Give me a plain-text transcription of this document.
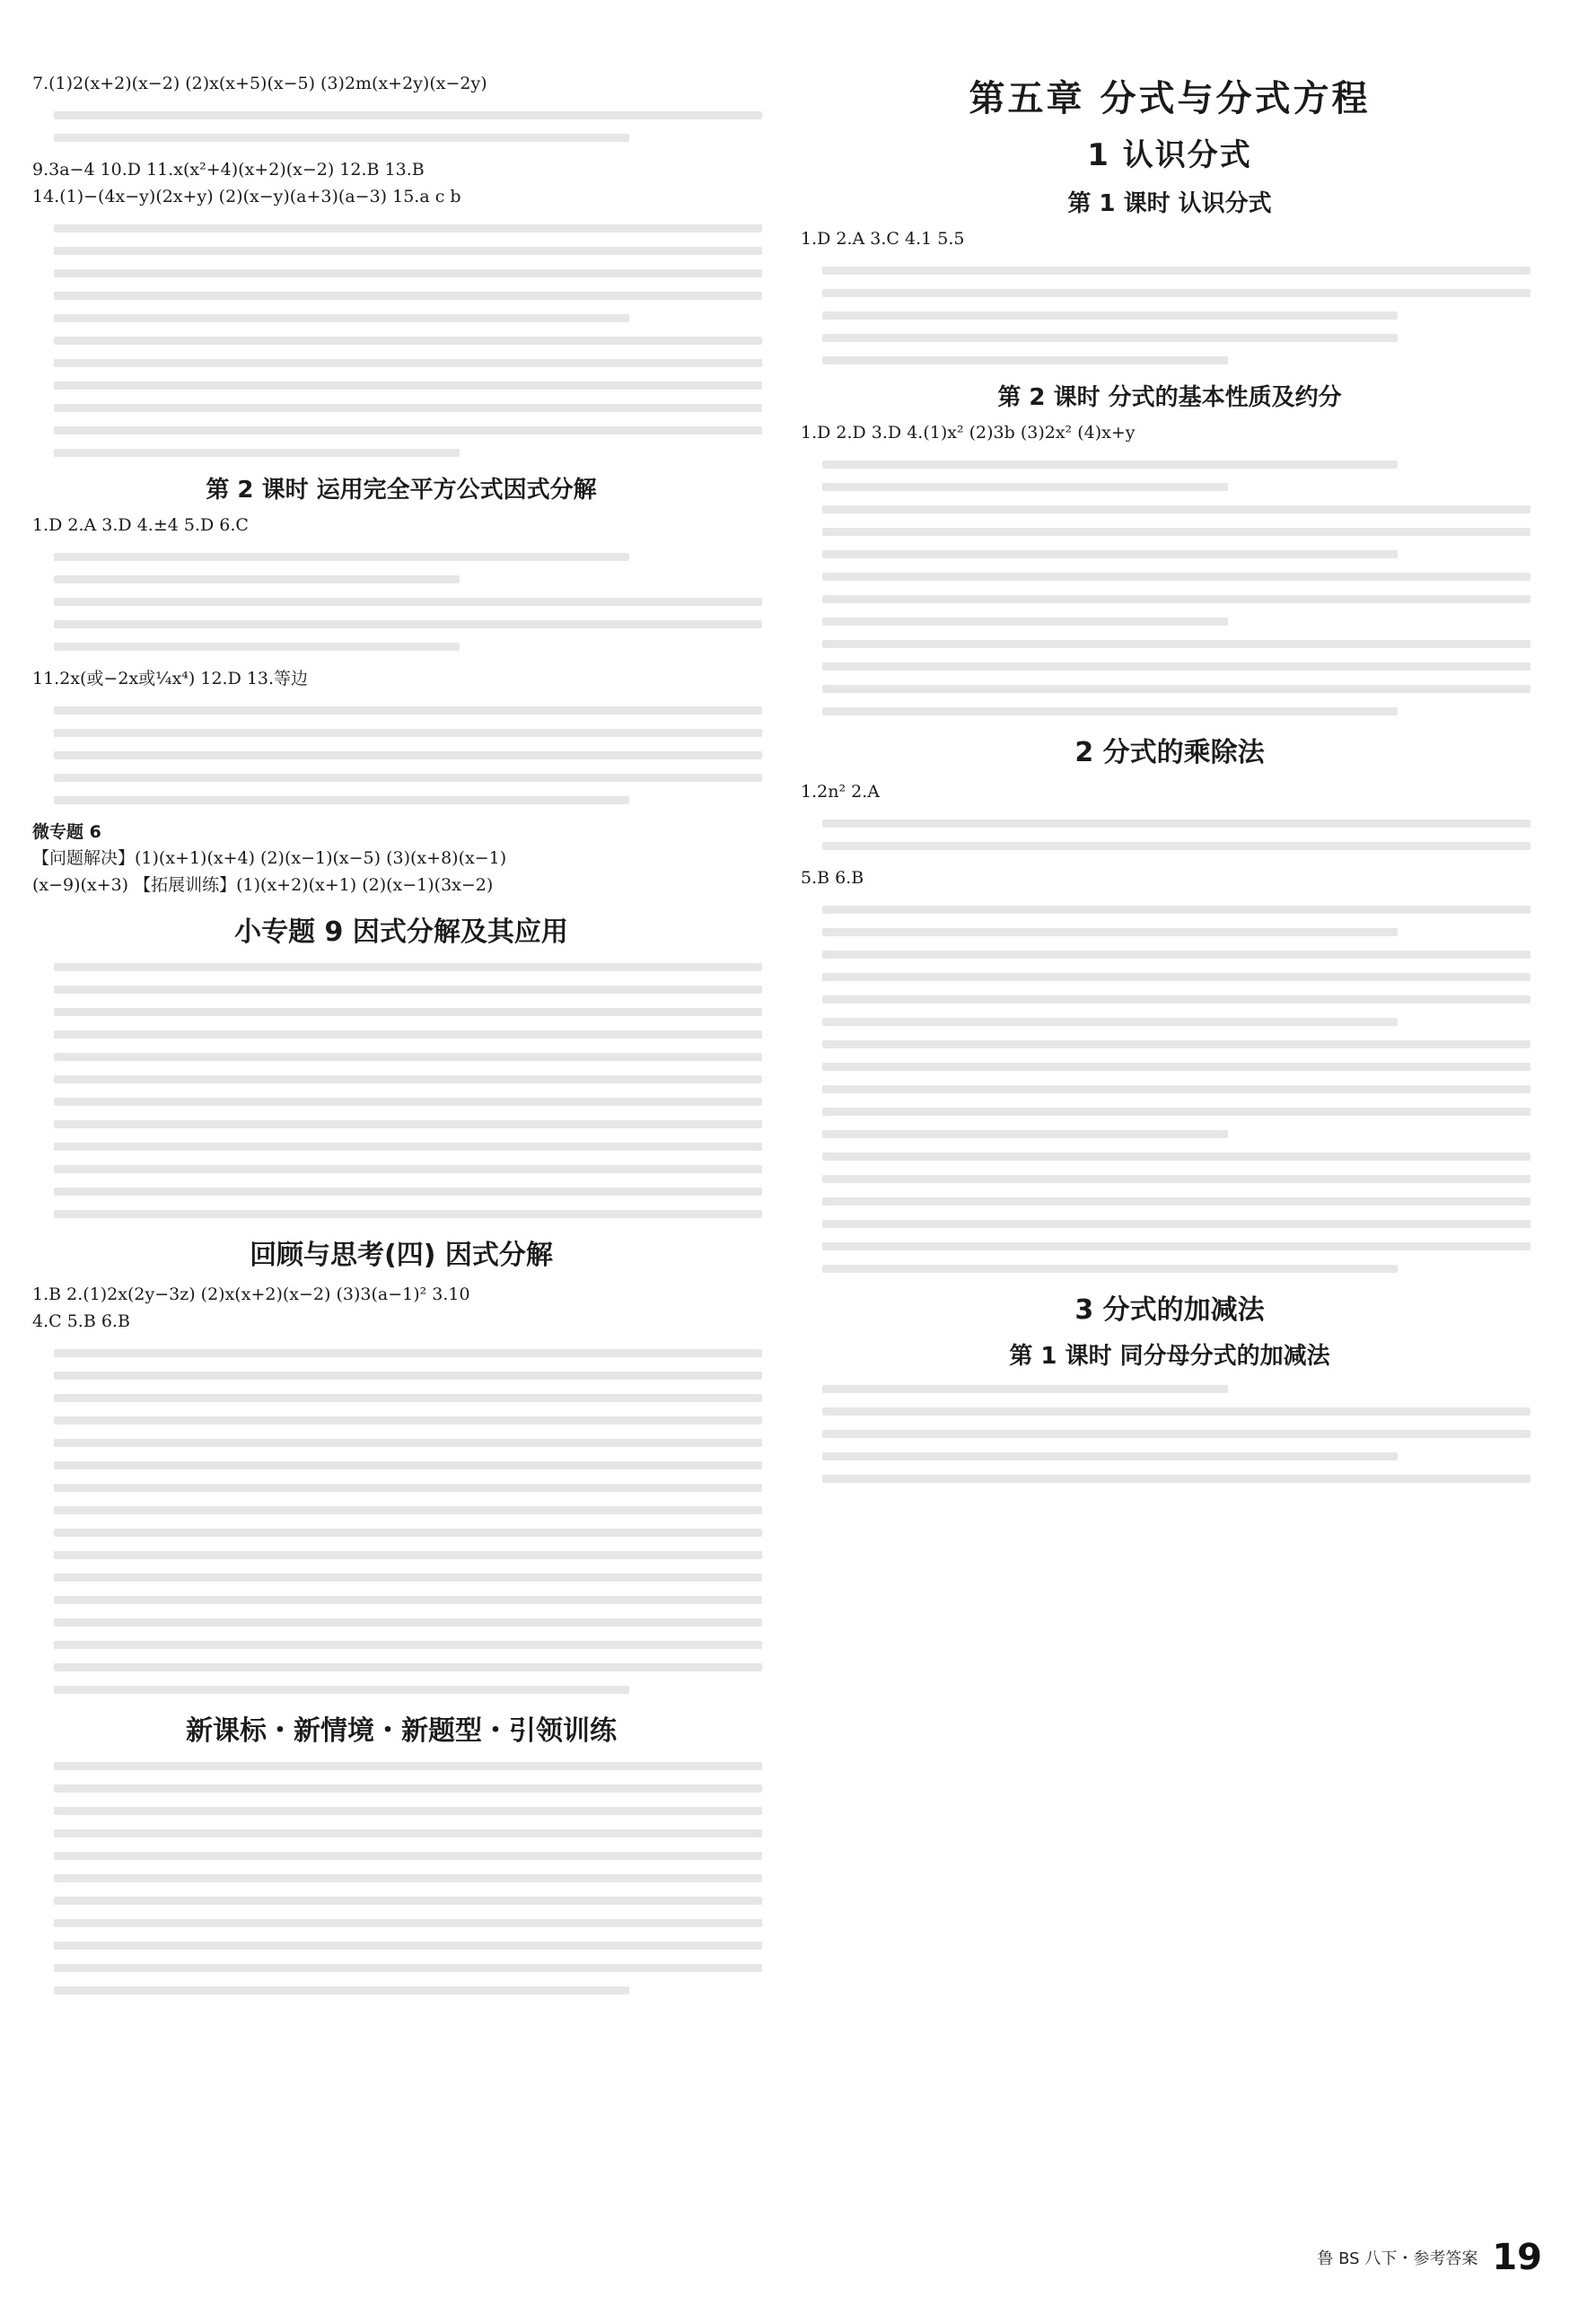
7.(1)2(x+2)(x−2) (2)x(x+5)(x−5) (3)2m(x+2y)(x−2y)
9.3a−4 10.D 11.x(x²+4)(x+2)(x−2) 12.B 13.B
14.(1)−(4x−y)(2x+y) (2)(x−y)(a+3)(a−3) 15.a c b
第 2 课时 运用完全平方公式因式分解
1.D 2.A 3.D 4.±4 5.D 6.C
11.2x(或−2x或¼x⁴) 12.D 13.等边
微专题 6
【问题解决】(1)(x+1)(x+4) (2)(x−1)(x−5) (3)(x+8)(x−1)
(x−9)(x+3) 【拓展训练】(1)(x+2)(x+1) (2)(x−1)(3x−2)
小专题 9 因式分解及其应用
回顾与思考(四) 因式分解
1.B 2.(1)2x(2y−3z) (2)x(x+2)(x−2) (3)3(a−1)² 3.10
4.C 5.B 6.B
新课标・新情境・新题型・引领训练
第五章 分式与分式方程
1 认识分式
第 1 课时 认识分式
1.D 2.A 3.C 4.1 5.5
第 2 课时 分式的基本性质及约分
1.D 2.D 3.D 4.(1)x² (2)3b (3)2x² (4)x+y
2 分式的乘除法
1.2n² 2.A
5.B 6.B
3 分式的加减法
第 1 课时 同分母分式的加减法
鲁 BS 八下・参考答案 19
